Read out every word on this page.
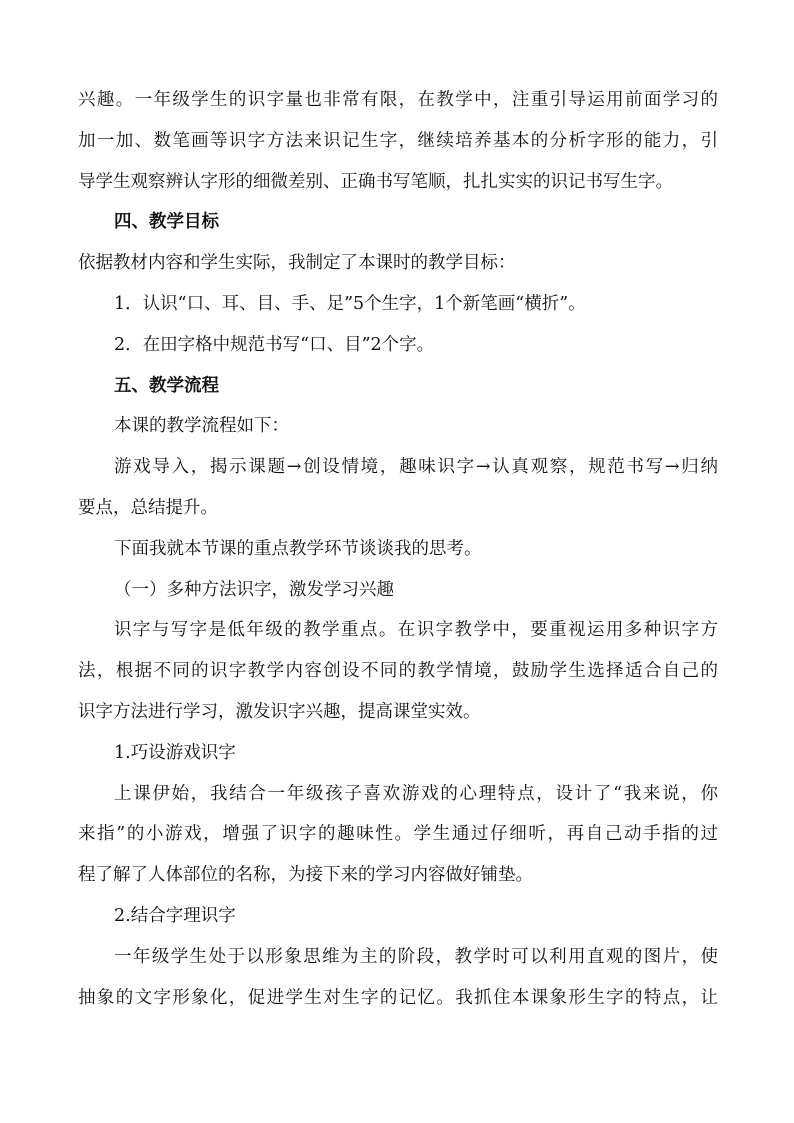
兴趣。一年级学生的识字量也非常有限，在教学中，注重引导运用前面学习的
加一加、数笔画等识字方法来识记生字，继续培养基本的分析字形的能力，引
导学生观察辨认字形的细微差别、正确书写笔顺，扎扎实实的识记书写生字。
四、教学目标
依据教材内容和学生实际，我制定了本课时的教学目标：
1．认识“口、耳、目、手、足”5个生字，1个新笔画“横折”。
2．在田字格中规范书写“口、目”2个字。
五、教学流程
本课的教学流程如下：
游戏导入，揭示课题→创设情境，趣味识字→认真观察，规范书写→归纳
要点，总结提升。
下面我就本节课的重点教学环节谈谈我的思考。
（一）多种方法识字，激发学习兴趣
识字与写字是低年级的教学重点。在识字教学中，要重视运用多种识字方
法，根据不同的识字教学内容创设不同的教学情境，鼓励学生选择适合自己的
识字方法进行学习，激发识字兴趣，提高课堂实效。
1.巧设游戏识字
上课伊始，我结合一年级孩子喜欢游戏的心理特点，设计了“我来说，你
来指”的小游戏，增强了识字的趣味性。学生通过仔细听，再自己动手指的过
程了解了人体部位的名称，为接下来的学习内容做好铺垫。
2.结合字理识字
一年级学生处于以形象思维为主的阶段，教学时可以利用直观的图片，使
抽象的文字形象化，促进学生对生字的记忆。我抓住本课象形生字的特点，让
